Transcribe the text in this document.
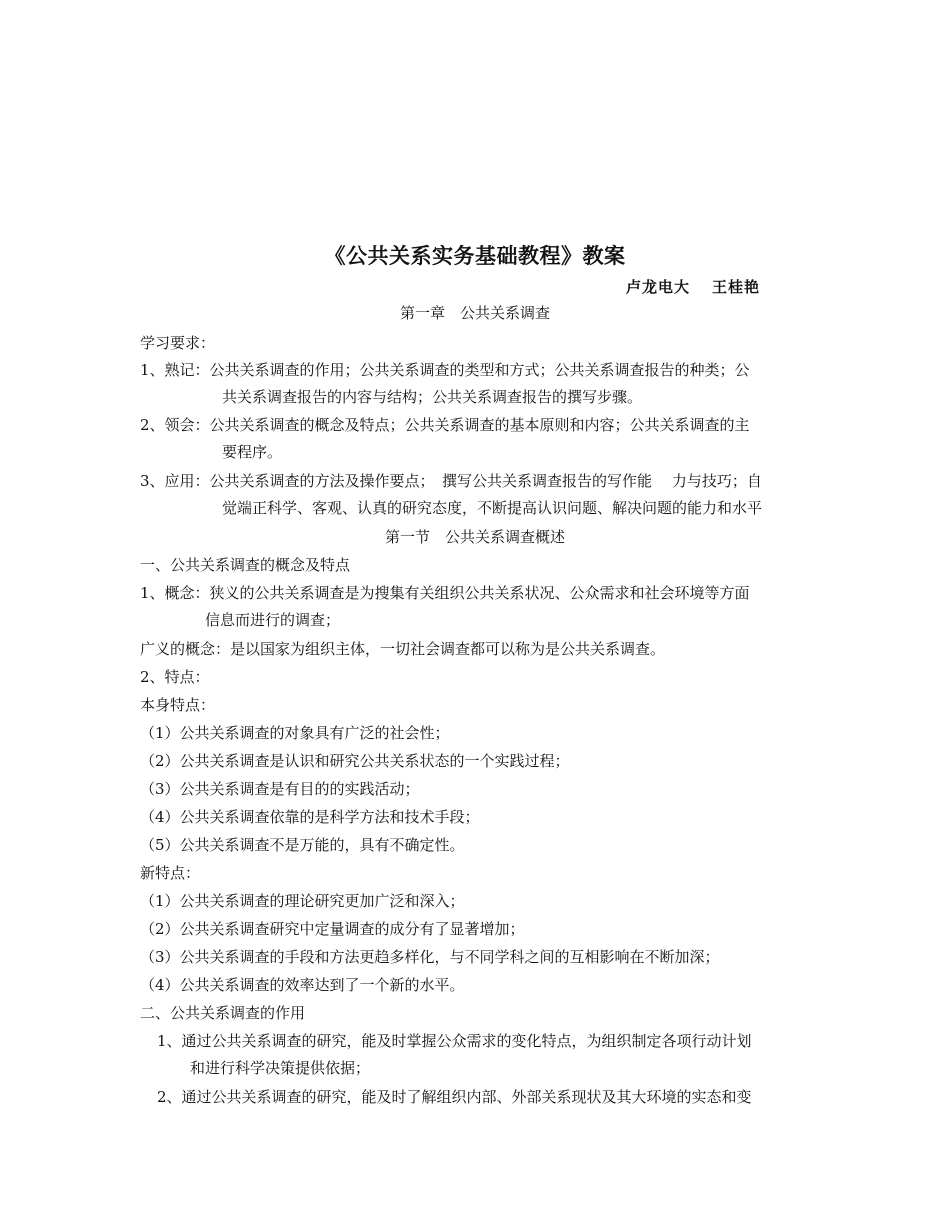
《公共关系实务基础教程》教案
卢龙电大 王桂艳
第一章　公共关系调查
学习要求：
1、熟记：公共关系调查的作用；公共关系调查的类型和方式；公共关系调查报告的种类；公
共关系调查报告的内容与结构；公共关系调查报告的撰写步骤。
2、领会：公共关系调查的概念及特点；公共关系调查的基本原则和内容；公共关系调查的主
要程序。
3、应用：公共关系调查的方法及操作要点；　撰写公共关系调查报告的写作能　 力与技巧；自
觉端正科学、客观、认真的研究态度，不断提高认识问题、解决问题的能力和水平
第一节　公共关系调查概述
一、公共关系调查的概念及特点
1、概念：狭义的公共关系调查是为搜集有关组织公共关系状况、公众需求和社会环境等方面
信息而进行的调查；
广义的概念：是以国家为组织主体，一切社会调查都可以称为是公共关系调查。
2、特点：
本身特点：
（1）公共关系调查的对象具有广泛的社会性；
（2）公共关系调查是认识和研究公共关系状态的一个实践过程；
（3）公共关系调查是有目的的实践活动；
（4）公共关系调查依靠的是科学方法和技术手段；
（5）公共关系调查不是万能的，具有不确定性。
新特点：
（1）公共关系调查的理论研究更加广泛和深入；
（2）公共关系调查研究中定量调查的成分有了显著增加；
（3）公共关系调查的手段和方法更趋多样化，与不同学科之间的互相影响在不断加深；
（4）公共关系调查的效率达到了一个新的水平。
二、公共关系调查的作用
1、通过公共关系调查的研究，能及时掌握公众需求的变化特点，为组织制定各项行动计划
和进行科学决策提供依据；
2、通过公共关系调查的研究，能及时了解组织内部、外部关系现状及其大环境的实态和变
